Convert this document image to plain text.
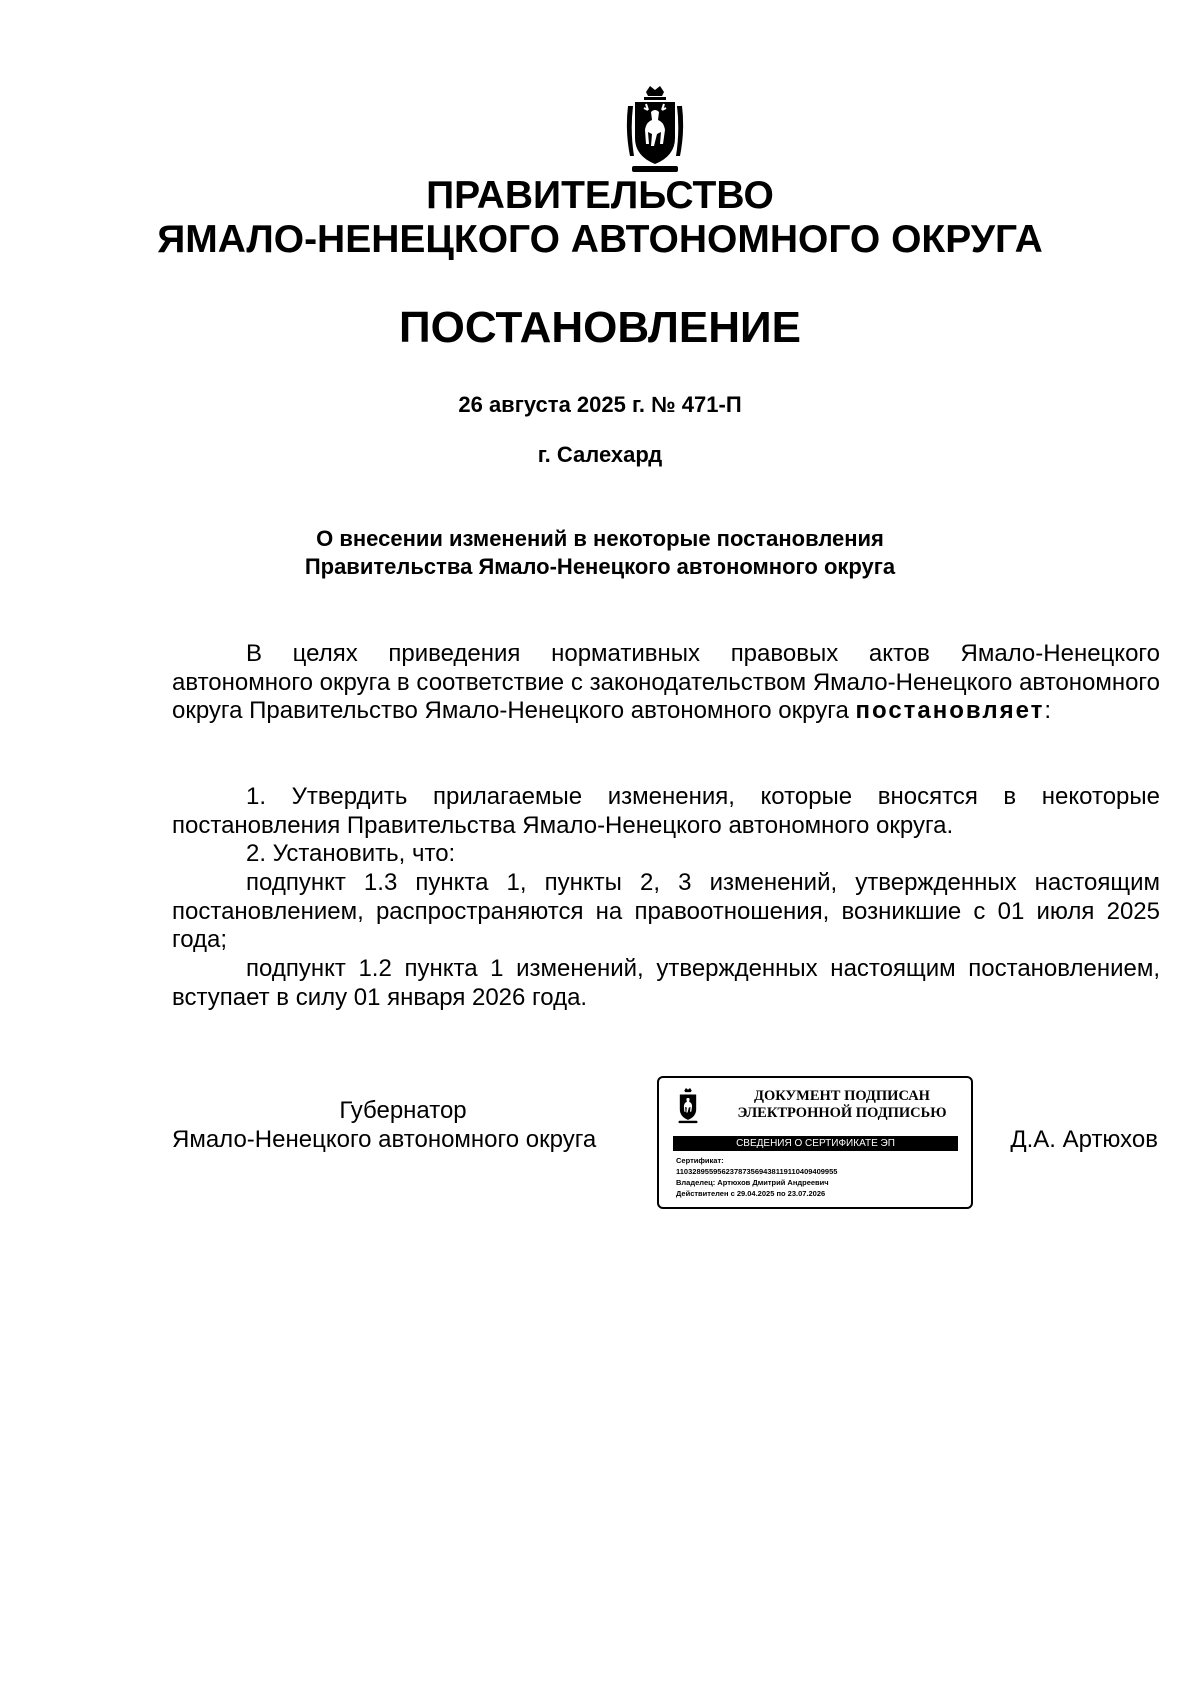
ПРАВИТЕЛЬСТВО
ЯМАЛО-НЕНЕЦКОГО АВТОНОМНОГО ОКРУГА
ПОСТАНОВЛЕНИЕ
26 августа 2025 г. № 471-П
г. Салехард
О внесении изменений в некоторые постановления
Правительства Ямало-Ненецкого автономного округа
В целях приведения нормативных правовых актов Ямало-Ненецкого автономного округа в соответствие с законодательством Ямало-Ненецкого автономного округа Правительство Ямало-Ненецкого автономного округа постановляет:
1. Утвердить прилагаемые изменения, которые вносятся в некоторые постановления Правительства Ямало-Ненецкого автономного округа.
2. Установить, что:
подпункт 1.3 пункта 1, пункты 2, 3 изменений, утвержденных настоящим постановлением, распространяются на правоотношения, возникшие с 01 июля 2025 года;
подпункт 1.2 пункта 1 изменений, утвержденных настоящим постановлением, вступает в силу 01 января 2026 года.
Губернатор
Ямало-Ненецкого автономного округа
ДОКУМЕНТ ПОДПИСАН
ЭЛЕКТРОННОЙ ПОДПИСЬЮ
СВЕДЕНИЯ О СЕРТИФИКАТЕ ЭП
Сертификат:
110328955956237873569438119110409409955
Владелец: Артюхов Дмитрий Андреевич
Действителен с 29.04.2025 по 23.07.2026
Д.А. Артюхов
